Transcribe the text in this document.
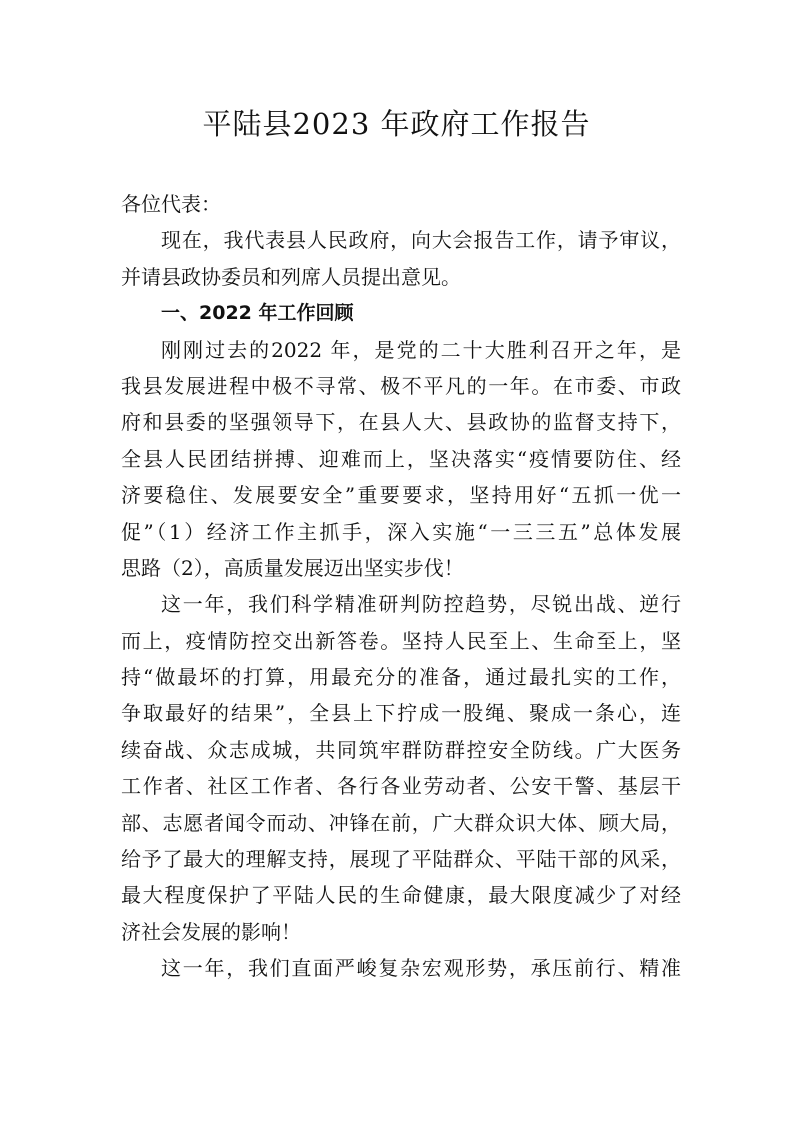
平陆县2023 年政府工作报告
各位代表：
现在，我代表县人民政府，向大会报告工作，请予审议，
并请县政协委员和列席人员提出意见。
一、2022 年工作回顾
刚刚过去的2022 年，是党的二十大胜利召开之年，是
我县发展进程中极不寻常、极不平凡的一年。在市委、市政
府和县委的坚强领导下，在县人大、县政协的监督支持下，
全县人民团结拼搏、迎难而上，坚决落实“疫情要防住、经
济要稳住、发展要安全”重要要求，坚持用好“五抓一优一
促”（1）经济工作主抓手，深入实施“一三三五”总体发展
思路（2），高质量发展迈出坚实步伐！
这一年，我们科学精准研判防控趋势，尽锐出战、逆行
而上，疫情防控交出新答卷。坚持人民至上、生命至上，坚
持“做最坏的打算，用最充分的准备，通过最扎实的工作，
争取最好的结果”，全县上下拧成一股绳、聚成一条心，连
续奋战、众志成城，共同筑牢群防群控安全防线。广大医务
工作者、社区工作者、各行各业劳动者、公安干警、基层干
部、志愿者闻令而动、冲锋在前，广大群众识大体、顾大局，
给予了最大的理解支持，展现了平陆群众、平陆干部的风采，
最大程度保护了平陆人民的生命健康，最大限度减少了对经
济社会发展的影响！
这一年，我们直面严峻复杂宏观形势，承压前行、精准
